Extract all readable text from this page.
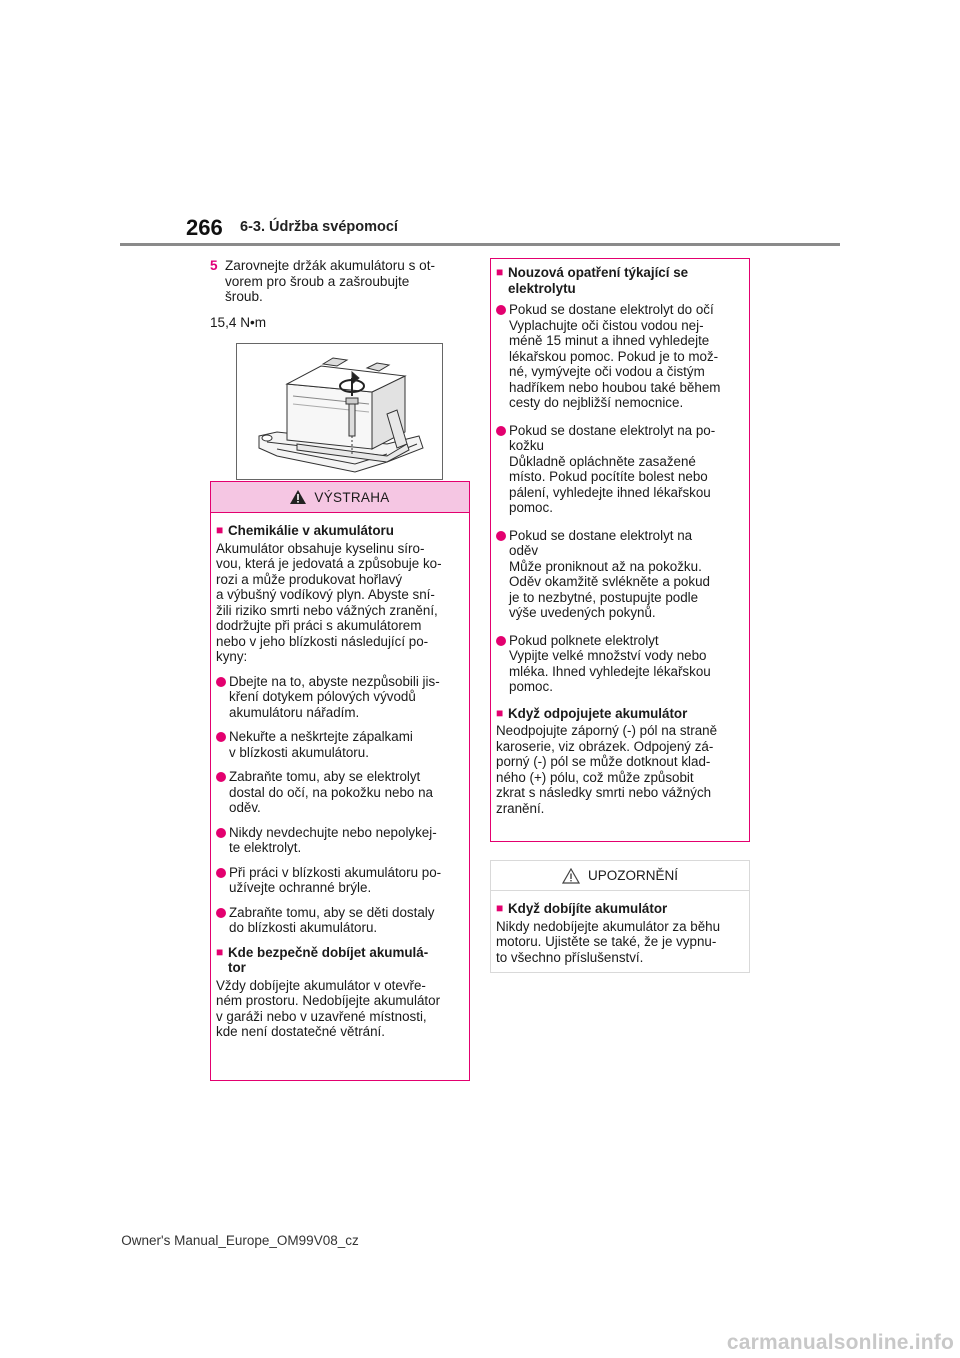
266 6-3. Údržba svépomocí
5 Zarovnejte držák akumulátoru s ot-
vorem pro šroub a zašroubujte
šroub.
15,4 N•m
VÝSTRAHA
■ Chemikálie v akumulátoru
Akumulátor obsahuje kyselinu síro-
vou, která je jedovatá a způsobuje ko-
rozi a může produkovat hořlavý
a výbušný vodíkový plyn. Abyste sní-
žili riziko smrti nebo vážných zranění,
dodržujte při práci s akumulátorem
nebo v jeho blízkosti následující po-
kyny:
Dbejte na to, abyste nezpůsobili jis-
kření dotykem pólových vývodů
akumulátoru nářadím.
Nekuřte a neškrtejte zápalkami
v blízkosti akumulátoru.
Zabraňte tomu, aby se elektrolyt
dostal do očí, na pokožku nebo na
oděv.
Nikdy nevdechujte nebo nepolykej-
te elektrolyt.
Při práci v blízkosti akumulátoru po-
užívejte ochranné brýle.
Zabraňte tomu, aby se děti dostaly
do blízkosti akumulátoru.
■ Kde bezpečně dobíjet akumulá-
tor
Vždy dobíjejte akumulátor v otevře-
ném prostoru. Nedobíjejte akumulátor
v garáži nebo v uzavřené místnosti,
kde není dostatečné větrání.
■ Nouzová opatření týkající se
elektrolytu
Pokud se dostane elektrolyt do očí
Vyplachujte oči čistou vodou nej-
méně 15 minut a ihned vyhledejte
lékařskou pomoc. Pokud je to mož-
né, vymývejte oči vodou a čistým
hadříkem nebo houbou také během
cesty do nejbližší nemocnice.
Pokud se dostane elektrolyt na po-
kožku
Důkladně opláchněte zasažené
místo. Pokud pocítíte bolest nebo
pálení, vyhledejte ihned lékařskou
pomoc.
Pokud se dostane elektrolyt na
oděv
Může proniknout až na pokožku.
Oděv okamžitě svlékněte a pokud
je to nezbytné, postupujte podle
výše uvedených pokynů.
Pokud polknete elektrolyt
Vypijte velké množství vody nebo
mléka. Ihned vyhledejte lékařskou
pomoc.
■ Když odpojujete akumulátor
Neodpojujte záporný (-) pól na straně
karoserie, viz obrázek. Odpojený zá-
porný (-) pól se může dotknout klad-
ného (+) pólu, což může způsobit
zkrat s následky smrti nebo vážných
zranění.
UPOZORNĚNÍ
■ Když dobíjíte akumulátor
Nikdy nedobíjejte akumulátor za běhu
motoru. Ujistěte se také, že je vypnu-
to všechno příslušenství.
Owner's Manual_Europe_OM99V08_cz
carmanualsonline.info
